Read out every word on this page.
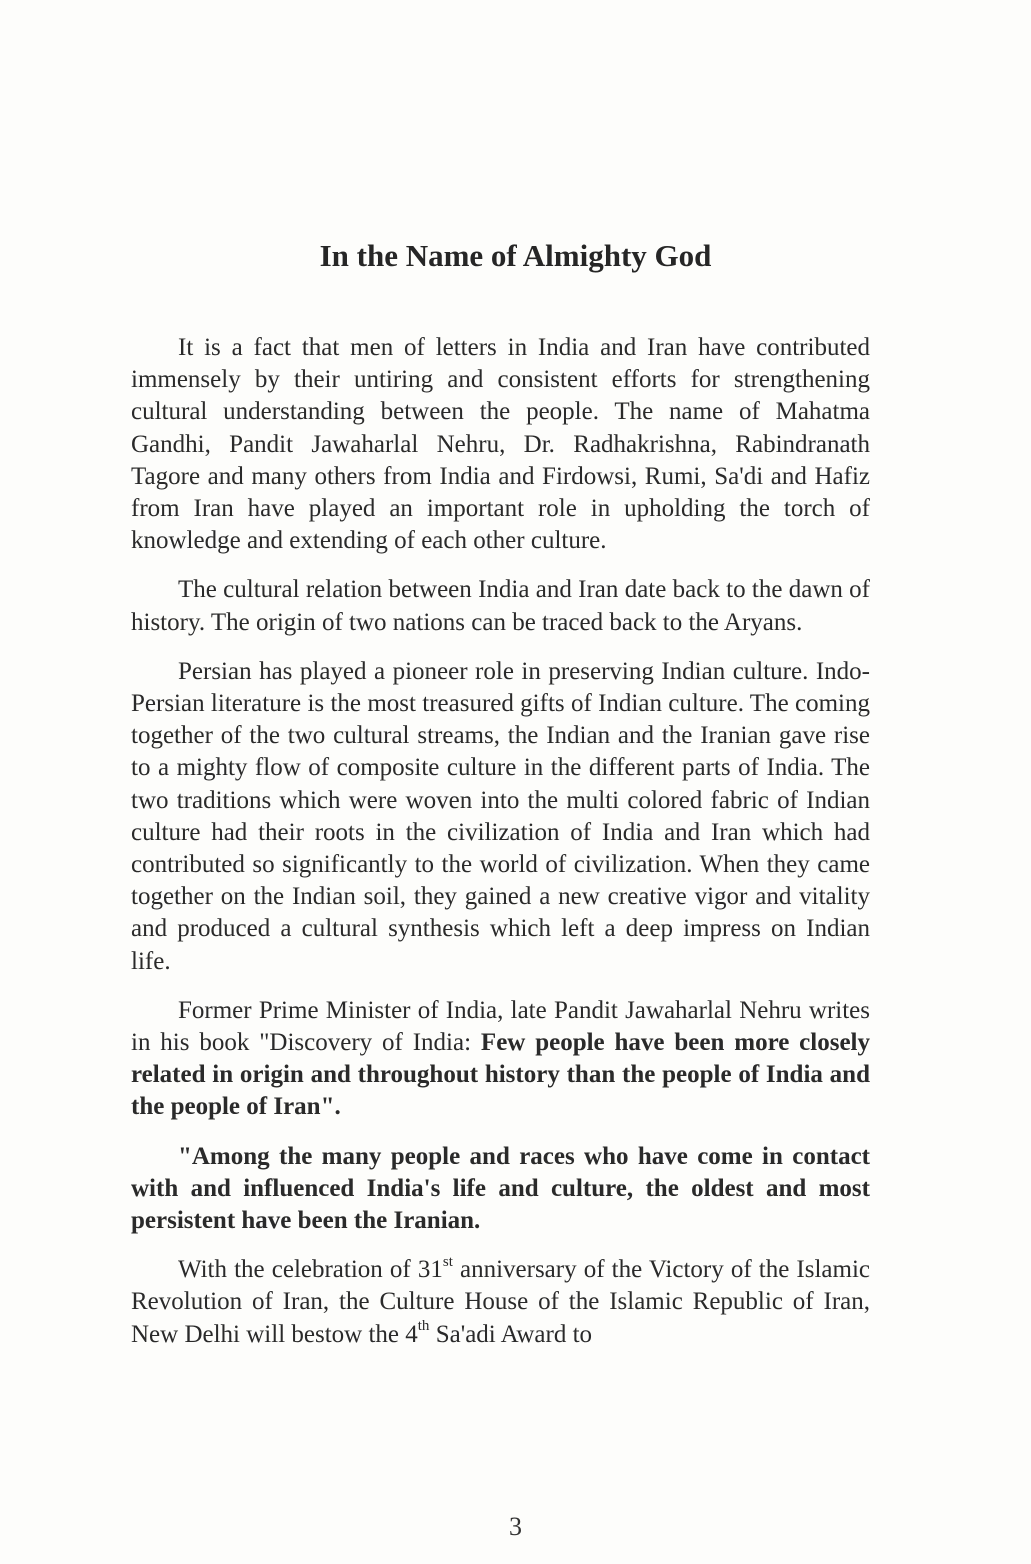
In the Name of Almighty God

It is a fact that men of letters in India and Iran have contributed immensely by their untiring and consistent efforts for strengthening cultural understanding between the people. The name of Mahatma Gandhi, Pandit Jawaharlal Nehru, Dr. Radhakrishna, Rabindranath Tagore and many others from India and Firdowsi, Rumi, Sa'di and Hafiz from Iran have played an important role in upholding the torch of knowledge and extending of each other culture.

The cultural relation between India and Iran date back to the dawn of history. The origin of two nations can be traced back to the Aryans.

Persian has played a pioneer role in preserving Indian culture. Indo-Persian literature is the most treasured gifts of Indian culture. The coming together of the two cultural streams, the Indian and the Iranian gave rise to a mighty flow of composite culture in the different parts of India. The two traditions which were woven into the multi colored fabric of Indian culture had their roots in the civilization of India and Iran which had contributed so significantly to the world of civilization. When they came together on the Indian soil, they gained a new creative vigor and vitality and produced a cultural synthesis which left a deep impress on Indian life.

Former Prime Minister of India, late Pandit Jawaharlal Nehru writes in his book "Discovery of India: Few people have been more closely related in origin and throughout history than the people of India and the people of Iran".

"Among the many people and races who have come in contact with and influenced India's life and culture, the oldest and most persistent have been the Iranian.

With the celebration of 31st anniversary of the Victory of the Islamic Revolution of Iran, the Culture House of the Islamic Republic of Iran, New Delhi will bestow the 4th Sa'adi Award to

3
